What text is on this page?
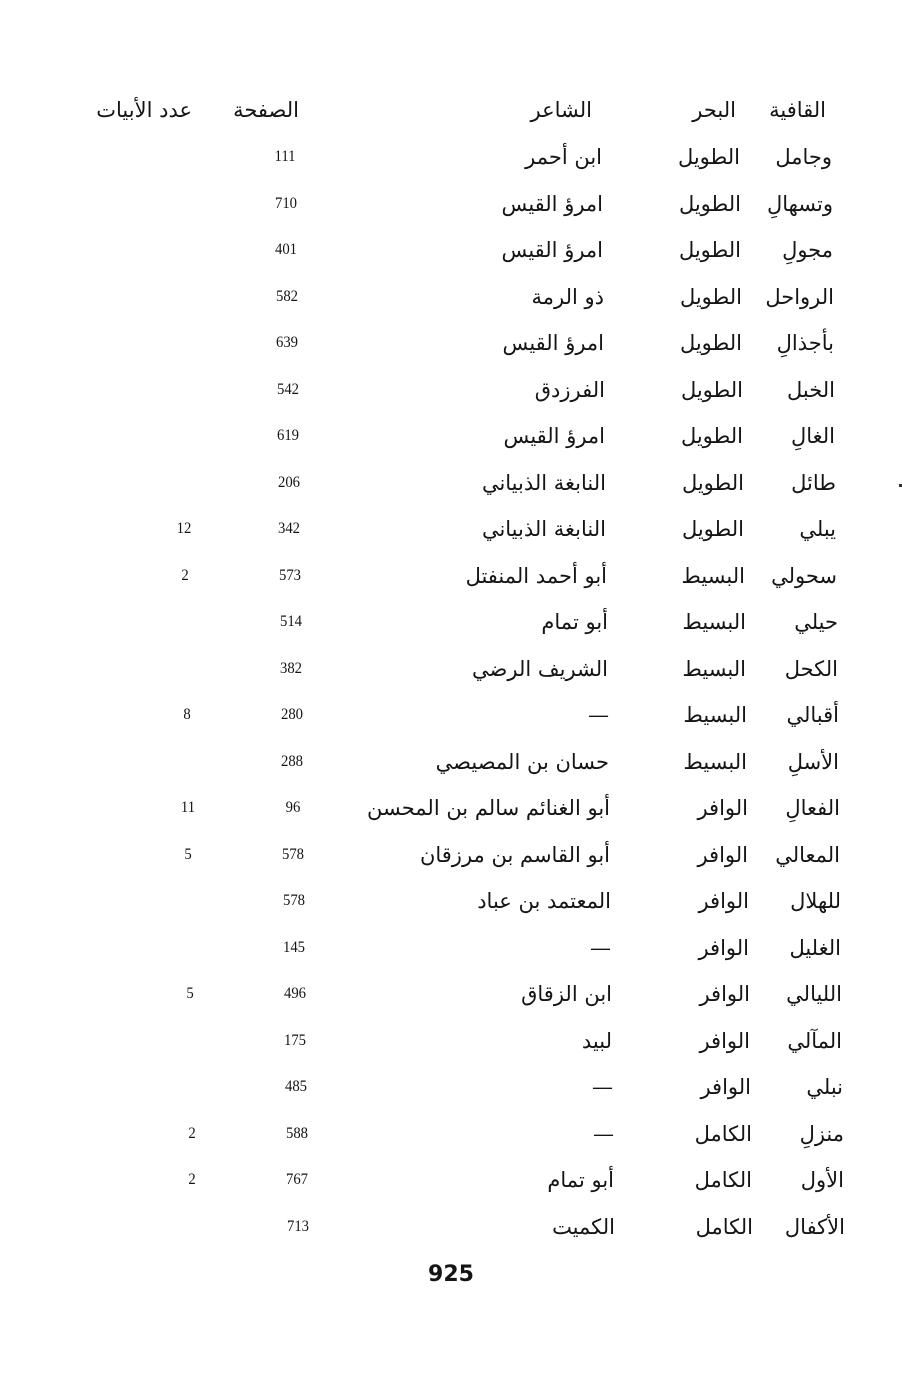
القافية
البحر
الشاعر
الصفحة
عدد الأبيات
وجامل
الطويل
ابن أحمر
111
وتسهالِ
الطويل
امرؤ القيس
710
مجولِ
الطويل
امرؤ القيس
401
الرواحل
الطويل
ذو الرمة
582
بأجذالِ
الطويل
امرؤ القيس
639
الخبل
الطويل
الفرزدق
542
الغالِ
الطويل
امرؤ القيس
619
طائل
الطويل
النابغة الذبياني
206
يبلي
الطويل
النابغة الذبياني
342
12
سحولي
البسيط
أبو أحمد المنفتل
573
2
حيلي
البسيط
أبو تمام
514
الكحل
البسيط
الشريف الرضي
382
أقبالي
البسيط
—
280
8
الأسلِ
البسيط
حسان بن المصيصي
288
الفعالِ
الوافر
أبو الغنائم سالم بن المحسن
96
11
المعالي
الوافر
أبو القاسم بن مرزقان
578
5
للهلال
الوافر
المعتمد بن عباد
578
الغليل
الوافر
—
145
الليالي
الوافر
ابن الزقاق
496
5
المآلي
الوافر
لبيد
175
نبلي
الوافر
—
485
منزلِ
الكامل
—
588
2
الأول
الكامل
أبو تمام
767
2
الأكفال
الكامل
الكميت
713
925
